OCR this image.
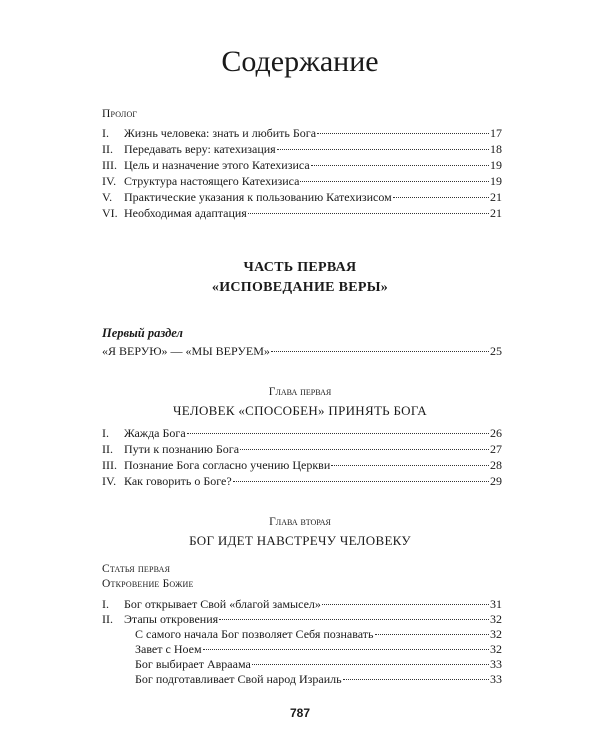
Содержание
Пролог
I.	Жизнь человека: знать и любить Бога	17
II. Передавать веру: катехизация	18
III. Цель и назначение этого Катехизиса	19
IV. Структура настоящего Катехизиса	19
V. Практические указания к пользованию Катехизисом	21
VI. Необходимая адаптация	21
ЧАСТЬ ПЕРВАЯ
«ИСПОВЕДАНИЕ ВЕРЫ»
Первый раздел
«Я ВЕРУЮ» — «МЫ ВЕРУЕМ»	25
Глава первая
ЧЕЛОВЕК «СПОСОБЕН» ПРИНЯТЬ БОГА
I.	Жажда Бога	26
II. Пути к познанию Бога	27
III. Познание Бога согласно учению Церкви	28
IV. Как говорить о Боге?	29
Глава вторая
БОГ ИДЕТ НАВСТРЕЧУ ЧЕЛОВЕКУ
Статья первая
Откровение Божие
I.	Бог открывает Свой «благой замысел»	31
II. Этапы откровения	32
С самого начала Бог позволяет Себя познавать	32
Завет с Ноем	32
Бог выбирает Авраама	33
Бог подготавливает Свой народ Израиль	33
787
